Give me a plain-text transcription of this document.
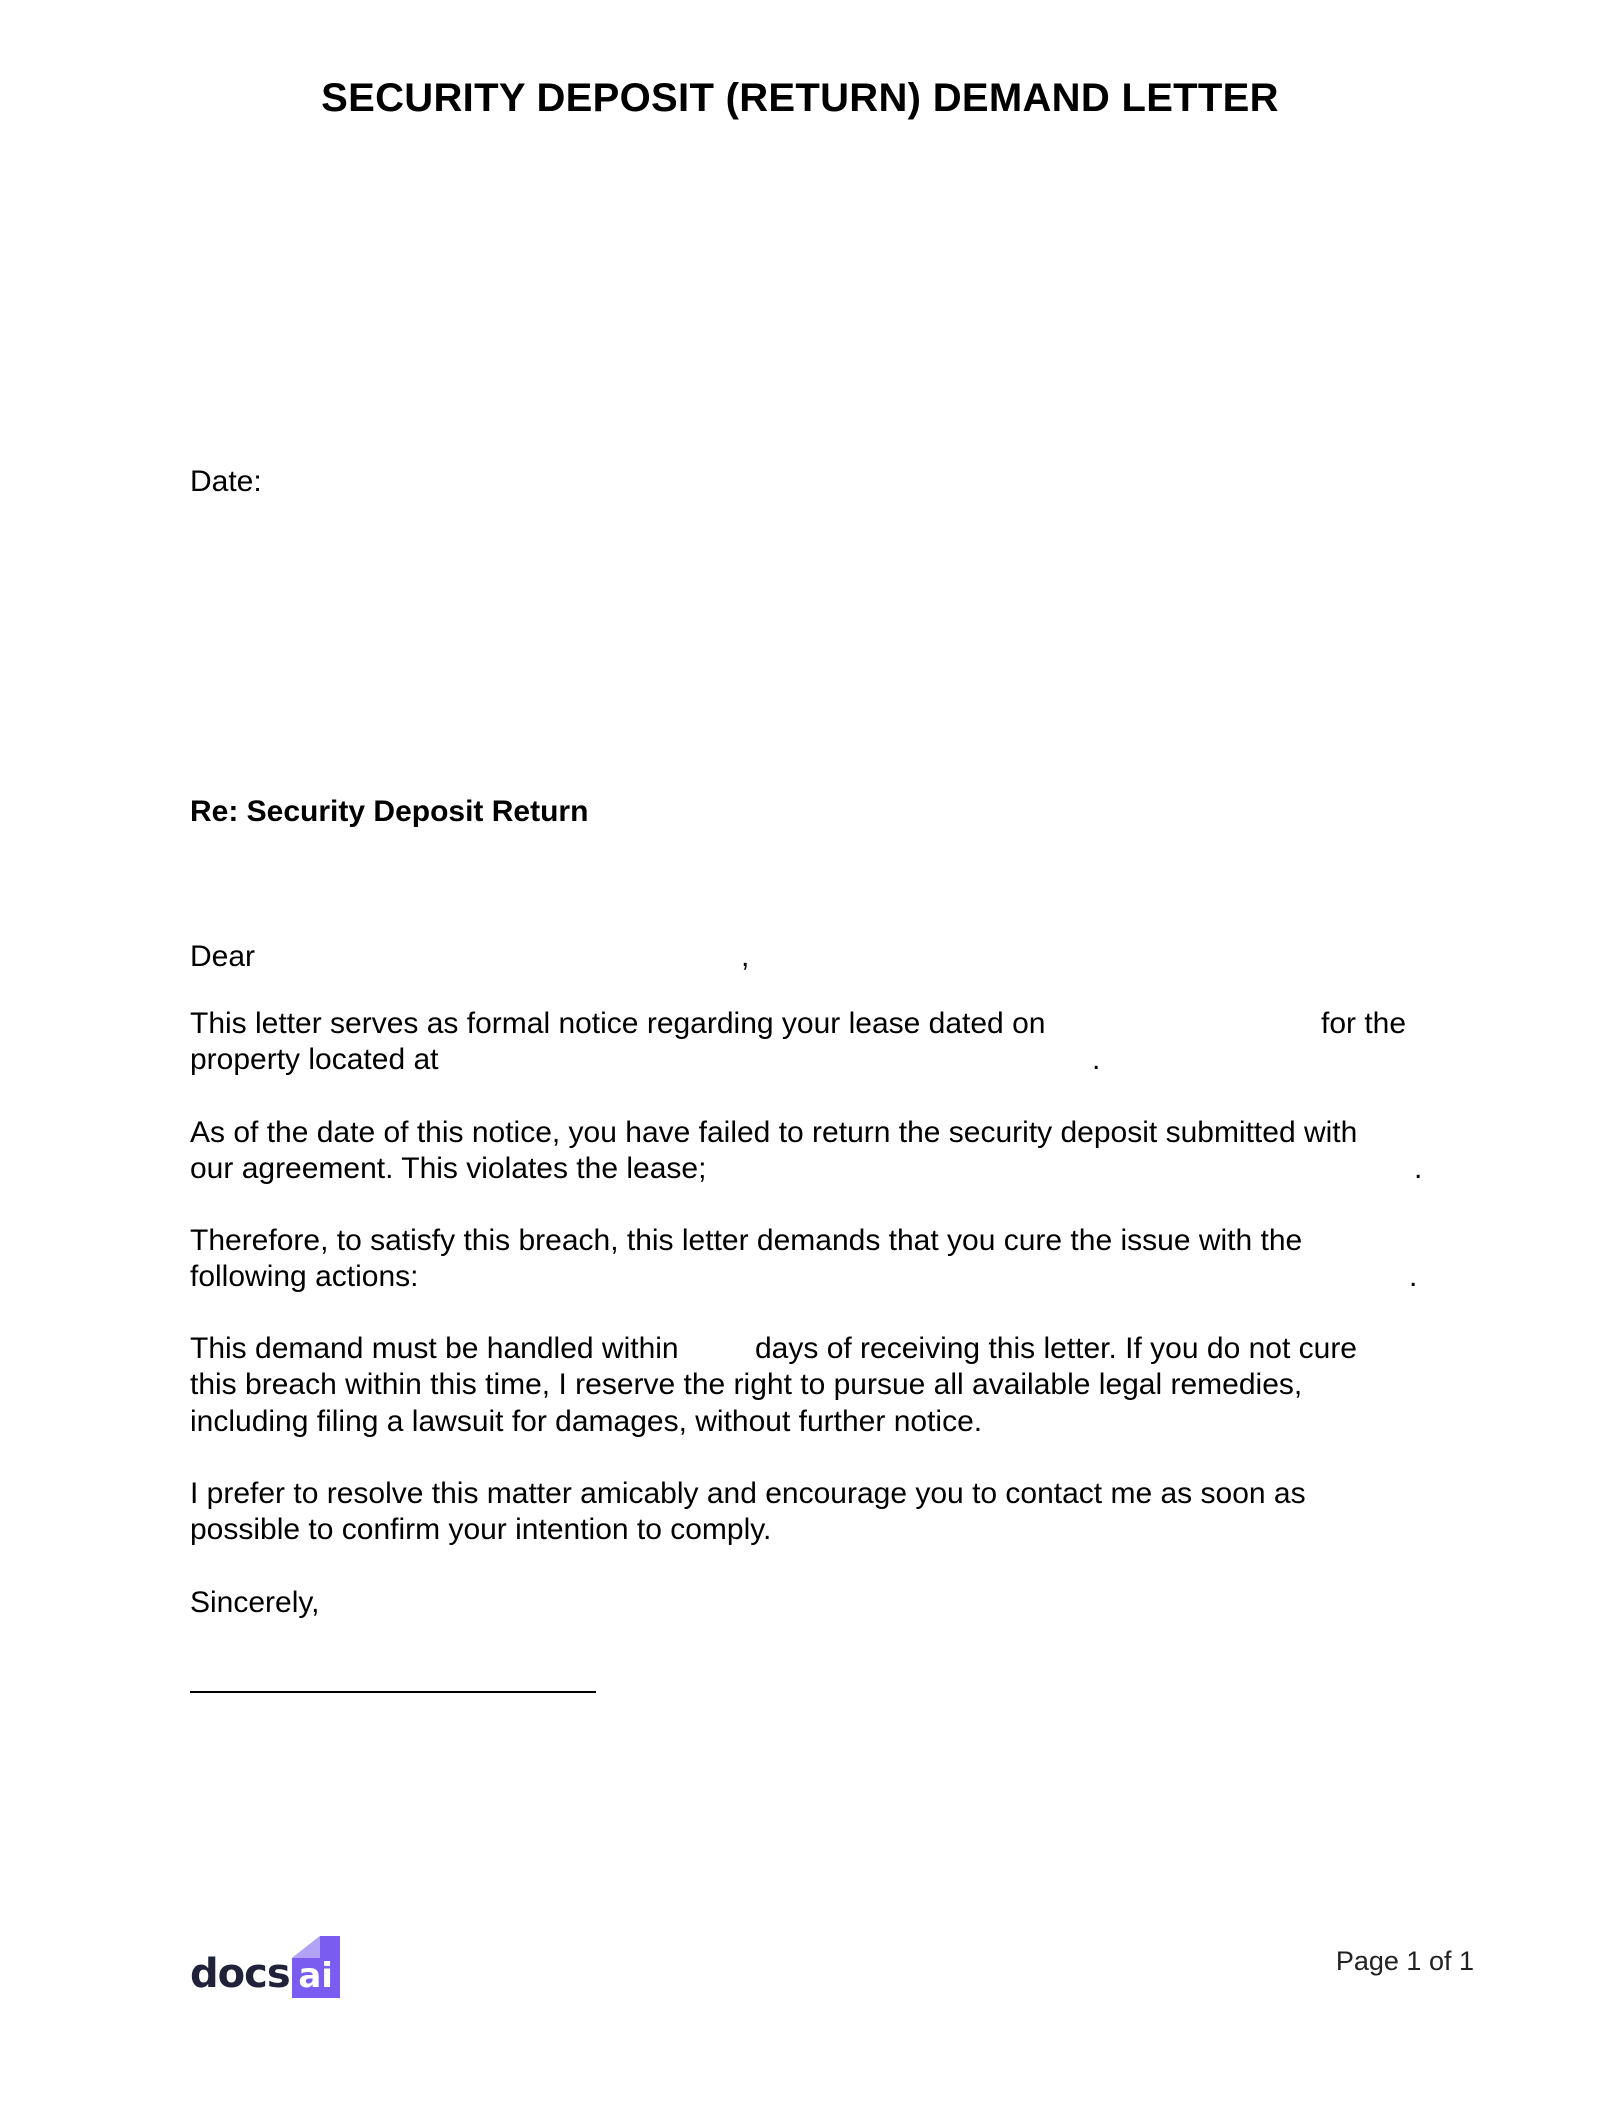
SECURITY DEPOSIT (RETURN) DEMAND LETTER
Date:
Re: Security Deposit Return
Dear	,
This letter serves as formal notice regarding your lease dated on	for the
property located at	.
As of the date of this notice, you have failed to return the security deposit submitted with
our agreement. This violates the lease;	.
Therefore, to satisfy this breach, this letter demands that you cure the issue with the
following actions:	.
This demand must be handled within	days of receiving this letter. If you do not cure
this breach within this time, I reserve the right to pursue all available legal remedies,
including filing a lawsuit for damages, without further notice.
I prefer to resolve this matter amicably and encourage you to contact me as soon as
possible to confirm your intention to comply.
Sincerely,
docs ai	Page 1 of 1
